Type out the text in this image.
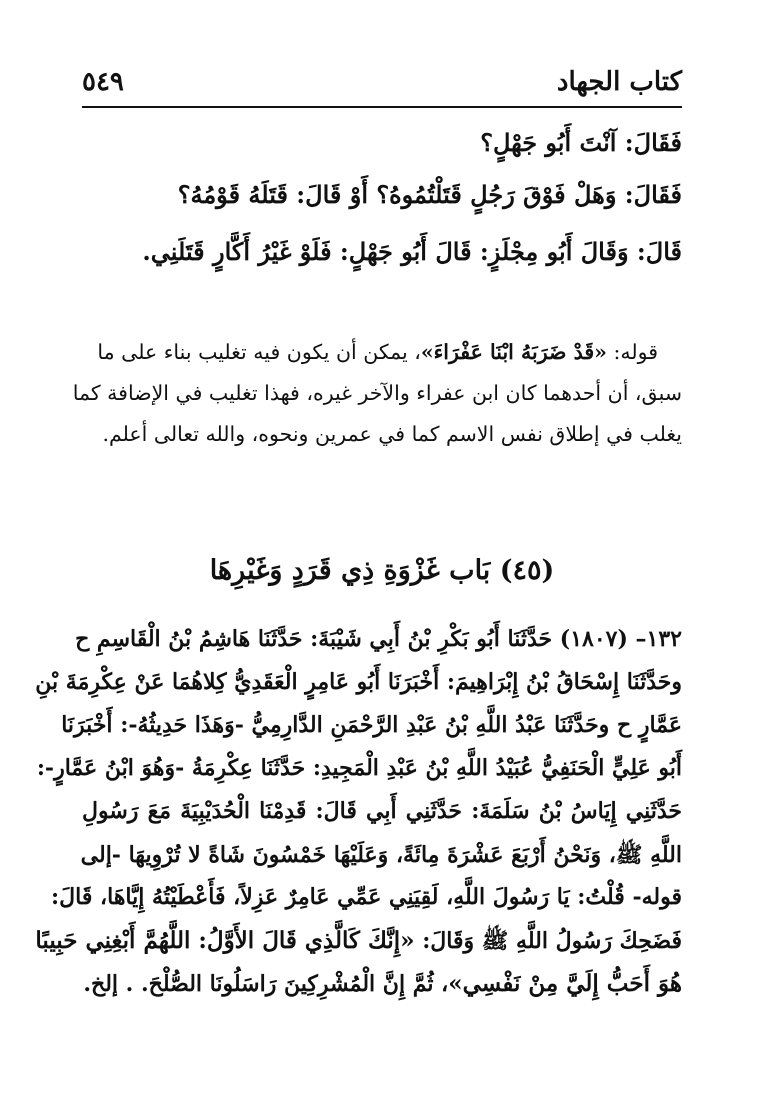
كتاب الجهاد
٥٤٩
فَقَالَ: آنْتَ أَبُو جَهْلٍ؟
فَقَالَ: وَهَلْ فَوْقَ رَجُلٍ قَتَلْتُمُوهُ؟ أَوْ قَالَ: قَتَلَهُ قَوْمُهُ؟
قَالَ: وَقَالَ أَبُو مِجْلَزٍ: قَالَ أَبُو جَهْلٍ: فَلَوْ غَيْرُ أَكَّارٍ قَتَلَنِي.
قوله: «قَدْ ضَرَبَهُ ابْنَا عَفْرَاءَ»، يمكن أن يكون فيه تغليب بناء على ما
سبق، أن أحدهما كان ابن عفراء والآخر غيره، فهذا تغليب في الإضافة كما
يغلب في إطلاق نفس الاسم كما في عمرين ونحوه، والله تعالى أعلم.
(٤٥) بَاب غَزْوَةِ ذِي قَرَدٍ وَغَيْرِهَا
١٣٢– (١٨٠٧) حَدَّثَنَا أَبُو بَكْرِ بْنُ أَبِي شَيْبَةَ: حَدَّثَنَا هَاشِمُ بْنُ الْقَاسِمِ ح
وحَدَّثَنَا إِسْحَاقُ بْنُ إِبْرَاهِيمَ: أَخْبَرَنَا أَبُو عَامِرٍ الْعَقَدِيُّ كِلاهُمَا عَنْ عِكْرِمَةَ بْنِ
عَمَّارٍ ح وحَدَّثَنَا عَبْدُ اللَّهِ بْنُ عَبْدِ الرَّحْمَنِ الدَّارِمِيُّ -وَهَذَا حَدِيثُهُ-: أَخْبَرَنَا
أَبُو عَلِيٍّ الْحَنَفِيُّ عُبَيْدُ اللَّهِ بْنُ عَبْدِ الْمَجِيدِ: حَدَّثَنَا عِكْرِمَةُ -وَهُوَ ابْنُ عَمَّارٍ-:
حَدَّثَنِي إِيَاسُ بْنُ سَلَمَةَ: حَدَّثَنِي أَبِي قَالَ: قَدِمْنَا الْحُدَيْبِيَةَ مَعَ رَسُولِ
اللَّهِ ﷺ، وَنَحْنُ أَرْبَعَ عَشْرَةَ مِائَةً، وَعَلَيْهَا خَمْسُونَ شَاةً لا تُرْوِيهَا -إلى
قوله- قُلْتُ: يَا رَسُولَ اللَّهِ، لَقِيَنِي عَمِّي عَامِرٌ عَزِلاً، فَأَعْطَيْتُهُ إِيَّاهَا، قَالَ:
فَضَحِكَ رَسُولُ اللَّهِ ﷺ وَقَالَ: «إِنَّكَ كَالَّذِي قَالَ الأَوَّلُ: اللَّهُمَّ أَبْغِنِي حَبِيبًا
هُوَ أَحَبُّ إِلَيَّ مِنْ نَفْسِي»، ثُمَّ إِنَّ الْمُشْرِكِينَ رَاسَلُونَا الصُّلْحَ. . إلخ.
